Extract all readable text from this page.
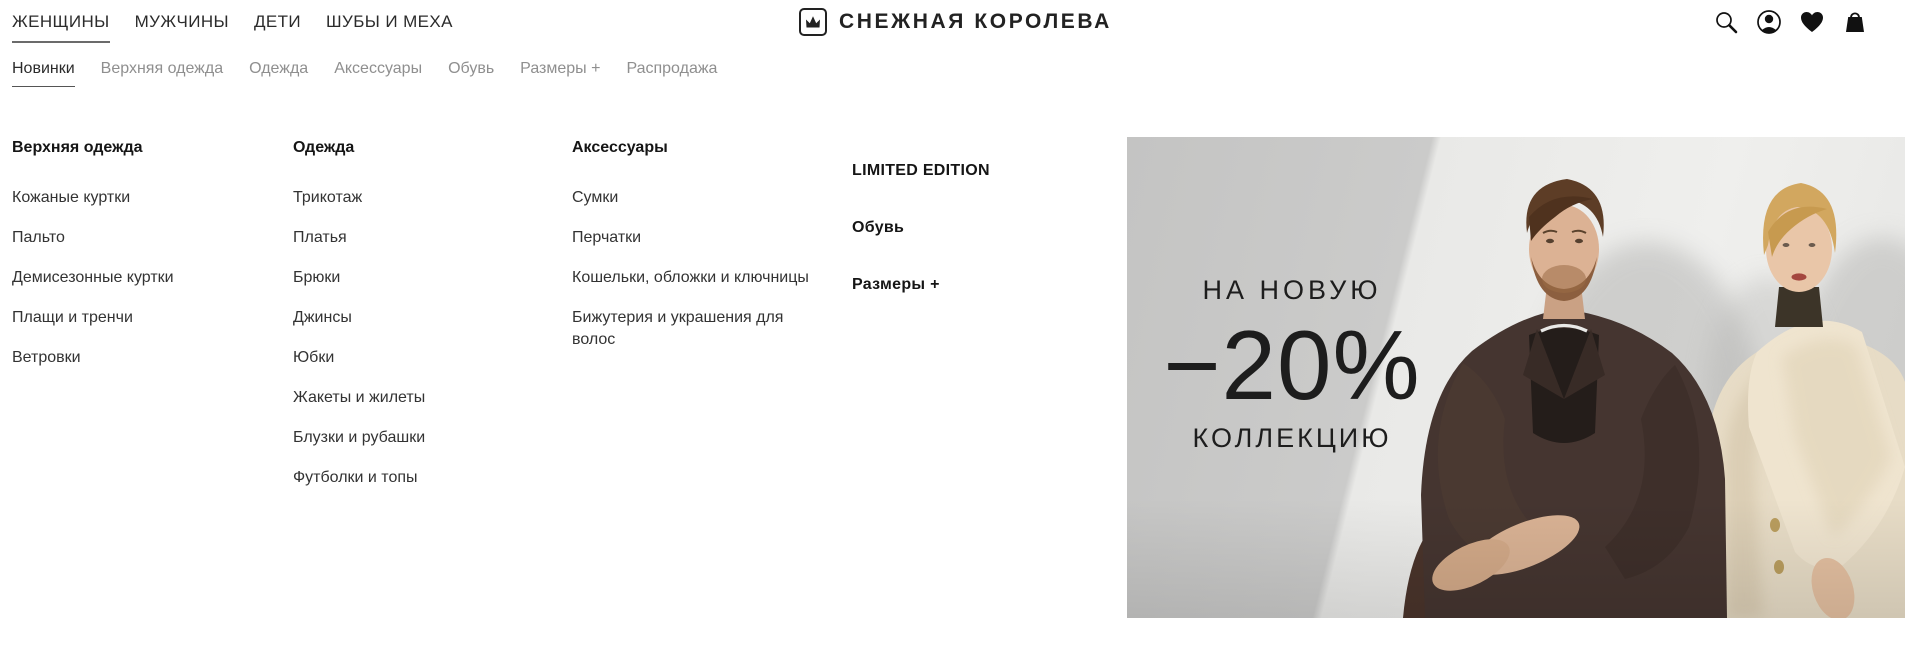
ЖЕНЩИНЫ МУЖЧИНЫ ДЕТИ ШУБЫ И МЕХА	СНЕЖНАЯ КОРОЛЕВА
Новинки Верхняя одежда Одежда Аксессуары Обувь Размеры + Распродажа
Верхняя одежда
Кожаные куртки
Пальто
Демисезонные куртки
Плащи и тренчи
Ветровки
Одежда
Трикотаж
Платья
Брюки
Джинсы
Юбки
Жакеты и жилеты
Блузки и рубашки
Футболки и топы
Аксессуары
Сумки
Перчатки
Кошельки, обложки и ключницы
Бижутерия и украшения для волос
LIMITED EDITION
Обувь
Размеры +	НА НОВУЮ
−20%
КОЛЛЕКЦИЮ
